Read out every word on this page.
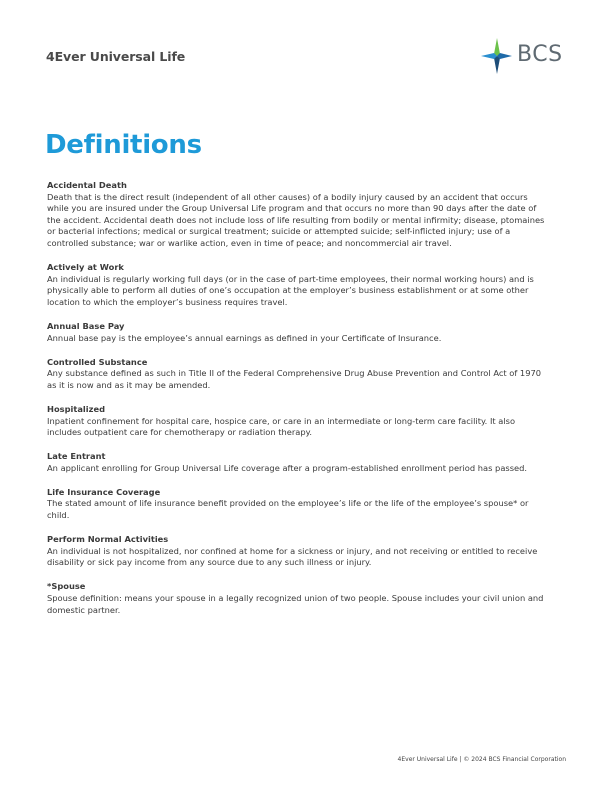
4Ever Universal Life	BCS
Definitions
Accidental Death

Death that is the direct result (independent of all other causes) of a bodily injury caused by an accident that occurs while you are insured under the Group Universal Life program and that occurs no more than 90 days after the date of the accident. Accidental death does not include loss of life resulting from bodily or mental infirmity; disease, ptomaines or bacterial infections; medical or surgical treatment; suicide or attempted suicide; self-inflicted injury; use of a controlled substance; war or warlike action, even in time of peace; and noncommercial air travel.

Actively at Work

An individual is regularly working full days (or in the case of part-time employees, their normal working hours) and is physically able to perform all duties of one’s occupation at the employer’s business establishment or at some other location to which the employer’s business requires travel.

Annual Base Pay

Annual base pay is the employee’s annual earnings as defined in your Certificate of Insurance.

Controlled Substance

Any substance defined as such in Title II of the Federal Comprehensive Drug Abuse Prevention and Control Act of 1970 as it is now and as it may be amended.

Hospitalized

Inpatient confinement for hospital care, hospice care, or care in an intermediate or long-term care facility. It also includes outpatient care for chemotherapy or radiation therapy.

Late Entrant

An applicant enrolling for Group Universal Life coverage after a program-established enrollment period has passed.

Life Insurance Coverage

The stated amount of life insurance benefit provided on the employee’s life or the life of the employee’s spouse* or child.

Perform Normal Activities

An individual is not hospitalized, nor confined at home for a sickness or injury, and not receiving or entitled to receive disability or sick pay income from any source due to any such illness or injury.

*Spouse

Spouse definition: means your spouse in a legally recognized union of two people. Spouse includes your civil union and domestic partner.

4Ever Universal Life | © 2024 BCS Financial Corporation
